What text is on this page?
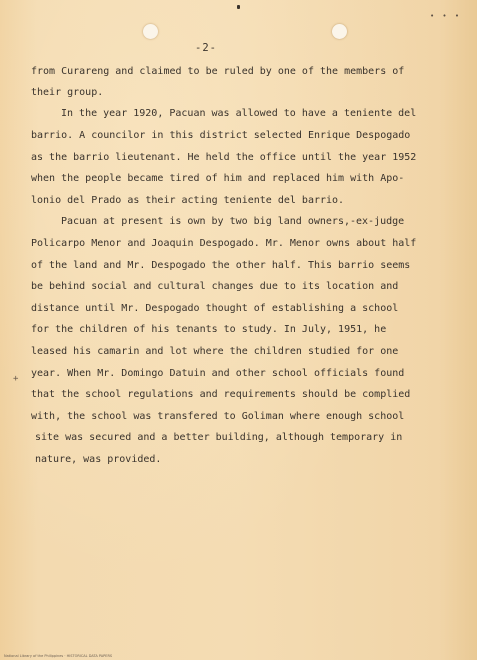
• • •
-2-
from Curareng and claimed to be ruled by one of the members of
their group.
In the year 1920, Pacuan was allowed to have a teniente del
barrio. A councilor in this district selected Enrique Despogado
as the barrio lieutenant. He held the office until the year 1952
when the people became tired of him and replaced him with Apo-
lonio del Prado as their acting teniente del barrio.
Pacuan at present is own by two big land owners,-ex-judge
Policarpo Menor and Joaquin Despogado. Mr. Menor owns about half
of the land and Mr. Despogado the other half. This barrio seems
be behind social and cultural changes due to its location and
distance until Mr. Despogado thought of establishing a school
for the children of his tenants to study. In July, 1951, he
leased his camarin and lot where the children studied for one
year. When Mr. Domingo Datuin and other school officials found
that the school regulations and requirements should be complied
with, the school was transfered to Goliman where enough school
site was secured and a better building, although temporary in
nature, was provided.
+
National Library of the Philippines · HISTORICAL DATA PAPERS
